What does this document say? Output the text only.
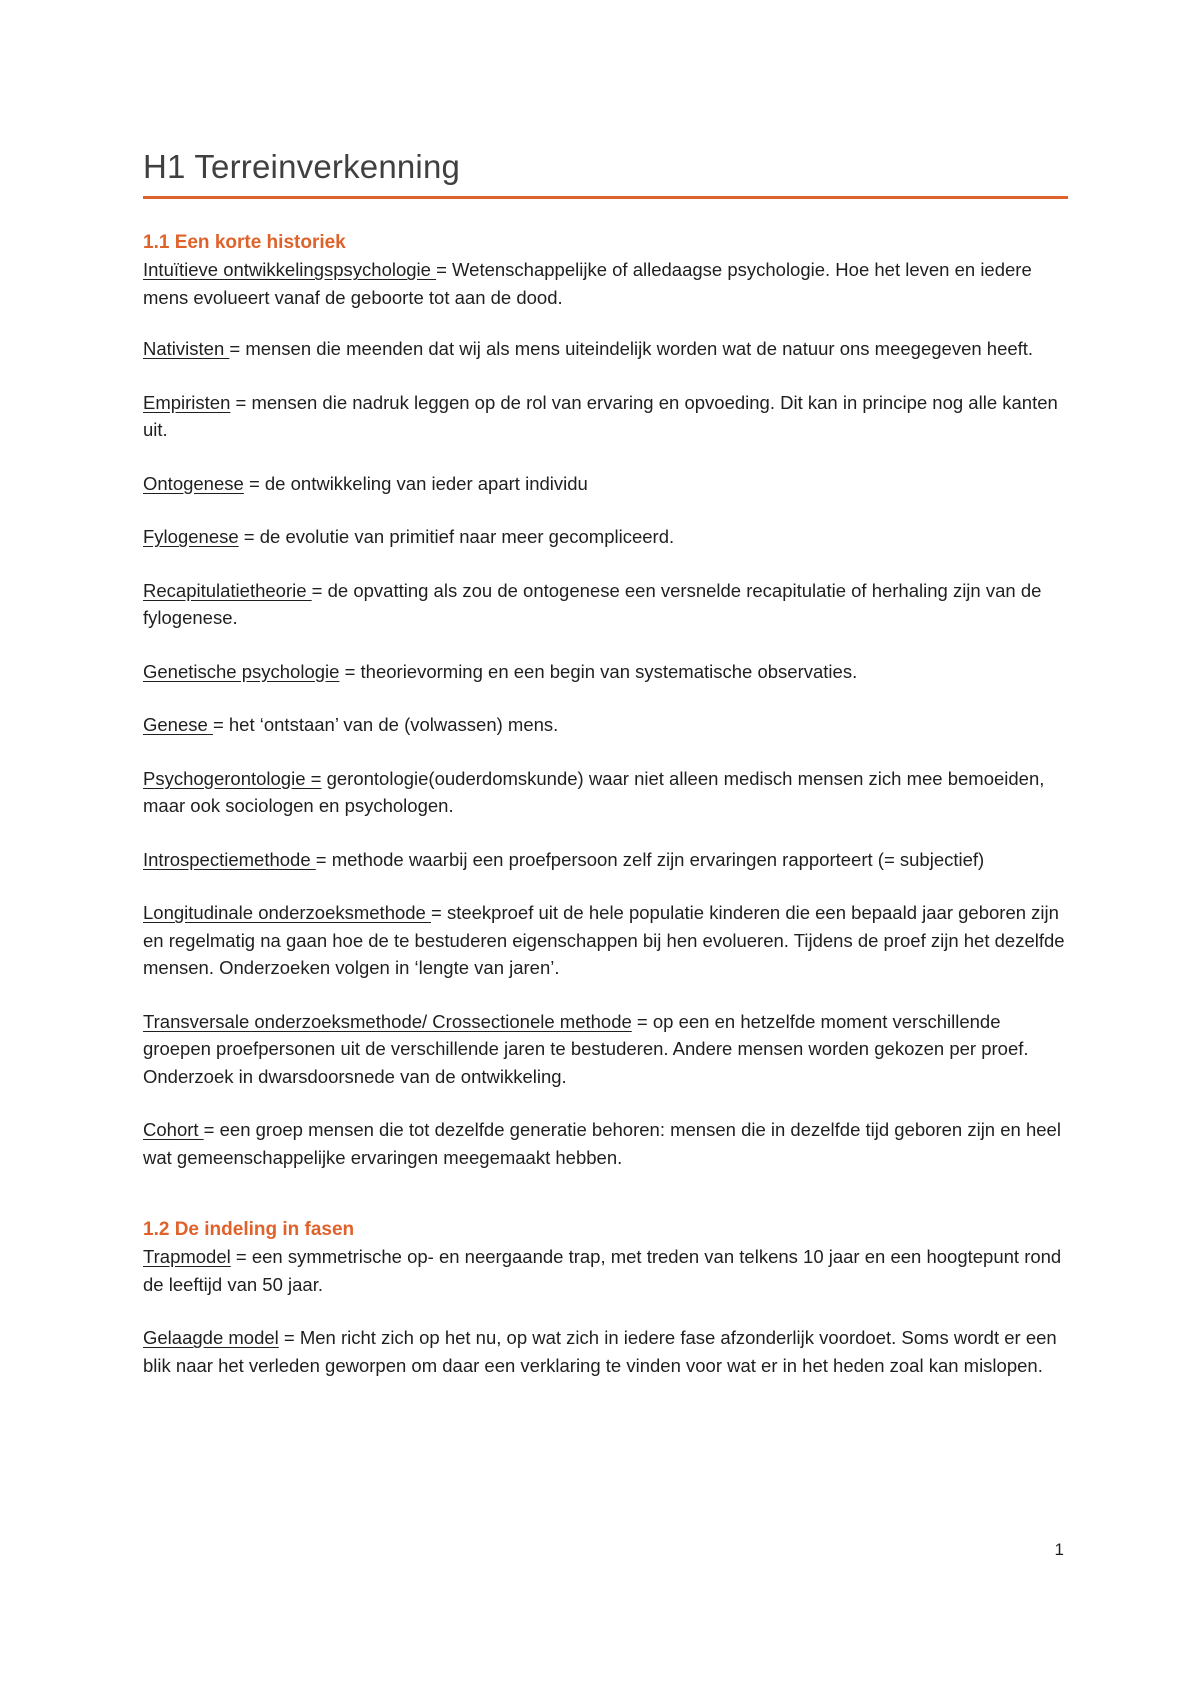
H1 Terreinverkenning
1.1 Een korte historiek

Intuïtieve ontwikkelingspsychologie = Wetenschappelijke of alledaagse psychologie. Hoe het leven en iedere mens evolueert vanaf de geboorte tot aan de dood.

Nativisten = mensen die meenden dat wij als mens uiteindelijk worden wat de natuur ons meegegeven heeft.

Empiristen = mensen die nadruk leggen op de rol van ervaring en opvoeding. Dit kan in principe nog alle kanten uit.

Ontogenese = de ontwikkeling van ieder apart individu

Fylogenese = de evolutie van primitief naar meer gecompliceerd.

Recapitulatietheorie = de opvatting als zou de ontogenese een versnelde recapitulatie of herhaling zijn van de fylogenese.

Genetische psychologie = theorievorming en een begin van systematische observaties.

Genese = het ‘ontstaan’ van de (volwassen) mens.

Psychogerontologie = gerontologie(ouderdomskunde) waar niet alleen medisch mensen zich mee bemoeiden, maar ook sociologen en psychologen.

Introspectiemethode = methode waarbij een proefpersoon zelf zijn ervaringen rapporteert (= subjectief)

Longitudinale onderzoeksmethode = steekproef uit de hele populatie kinderen die een bepaald jaar geboren zijn en regelmatig na gaan hoe de te bestuderen eigenschappen bij hen evolueren. Tijdens de proef zijn het dezelfde mensen. Onderzoeken volgen in ‘lengte van jaren’.

Transversale onderzoeksmethode/ Crossectionele methode = op een en hetzelfde moment verschillende groepen proefpersonen uit de verschillende jaren te bestuderen. Andere mensen worden gekozen per proef. Onderzoek in dwarsdoorsnede van de ontwikkeling.

Cohort = een groep mensen die tot dezelfde generatie behoren: mensen die in dezelfde tijd geboren zijn en heel wat gemeenschappelijke ervaringen meegemaakt hebben.

1.2 De indeling in fasen

Trapmodel = een symmetrische op- en neergaande trap, met treden van telkens 10 jaar en een hoogtepunt rond de leeftijd van 50 jaar.

Gelaagde model = Men richt zich op het nu, op wat zich in iedere fase afzonderlijk voordoet. Soms wordt er een blik naar het verleden geworpen om daar een verklaring te vinden voor wat er in het heden zoal kan mislopen.

1
